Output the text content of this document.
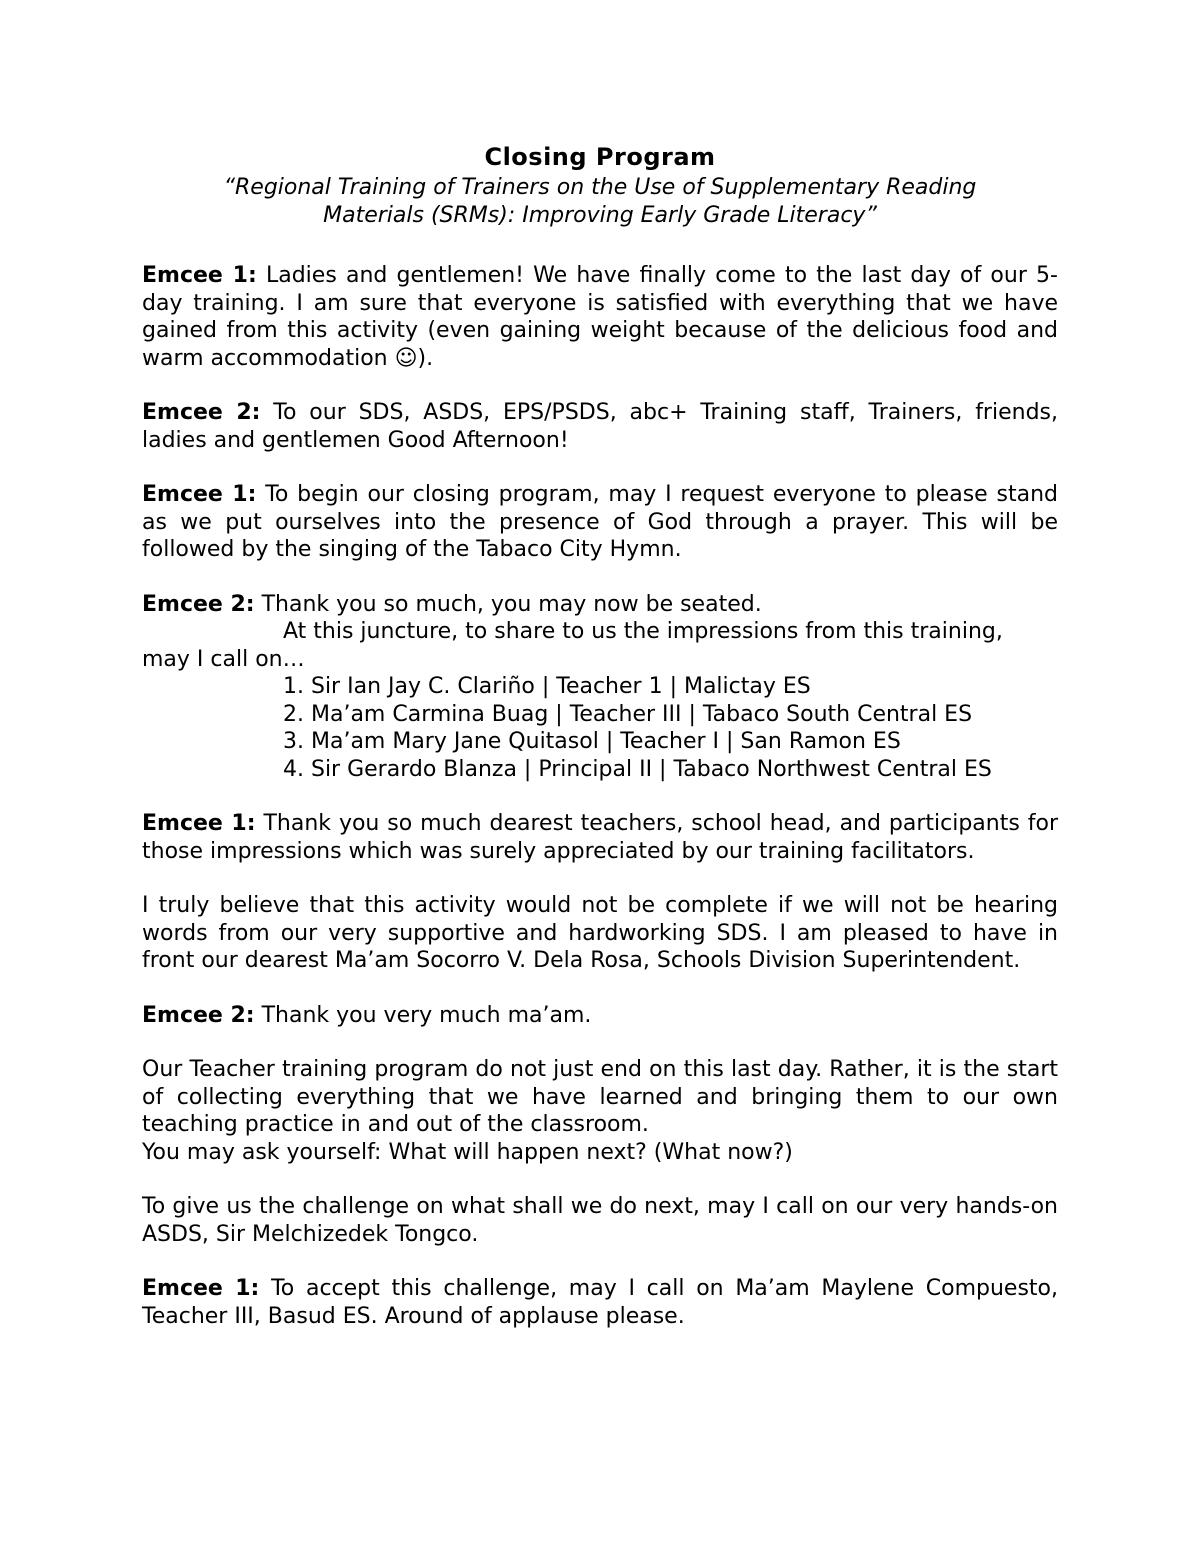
Closing Program

“Regional Training of Trainers on the Use of Supplementary Reading

Materials (SRMs): Improving Early Grade Literacy”

Emcee 1: Ladies and gentlemen! We have finally come to the last day of our 5-day training. I am sure that everyone is satisfied with everything that we have gained from this activity (even gaining weight because of the delicious food and warm accommodation ☺).

Emcee 2: To our SDS, ASDS, EPS/PSDS, abc+ Training staff, Trainers, friends, ladies and gentlemen Good Afternoon!

Emcee 1: To begin our closing program, may I request everyone to please stand as we put ourselves into the presence of God through a prayer. This will be followed by the singing of the Tabaco City Hymn.

Emcee 2: Thank you so much, you may now be seated.

At this juncture, to share to us the impressions from this training,

may I call on…

1. Sir Ian Jay C. Clariño | Teacher 1 | Malictay ES
2. Ma’am Carmina Buag | Teacher III | Tabaco South Central ES
3. Ma’am Mary Jane Quitasol | Teacher I | San Ramon ES
4. Sir Gerardo Blanza | Principal II | Tabaco Northwest Central ES

Emcee 1: Thank you so much dearest teachers, school head, and participants for those impressions which was surely appreciated by our training facilitators.

I truly believe that this activity would not be complete if we will not be hearing words from our very supportive and hardworking SDS. I am pleased to have in front our dearest Ma’am Socorro V. Dela Rosa, Schools Division Superintendent.

Emcee 2: Thank you very much ma’am.

Our Teacher training program do not just end on this last day. Rather, it is the start of collecting everything that we have learned and bringing them to our own teaching practice in and out of the classroom.

You may ask yourself: What will happen next? (What now?)

To give us the challenge on what shall we do next, may I call on our very hands-on ASDS, Sir Melchizedek Tongco.

Emcee 1: To accept this challenge, may I call on Ma’am Maylene Compuesto, Teacher III, Basud ES. Around of applause please.
